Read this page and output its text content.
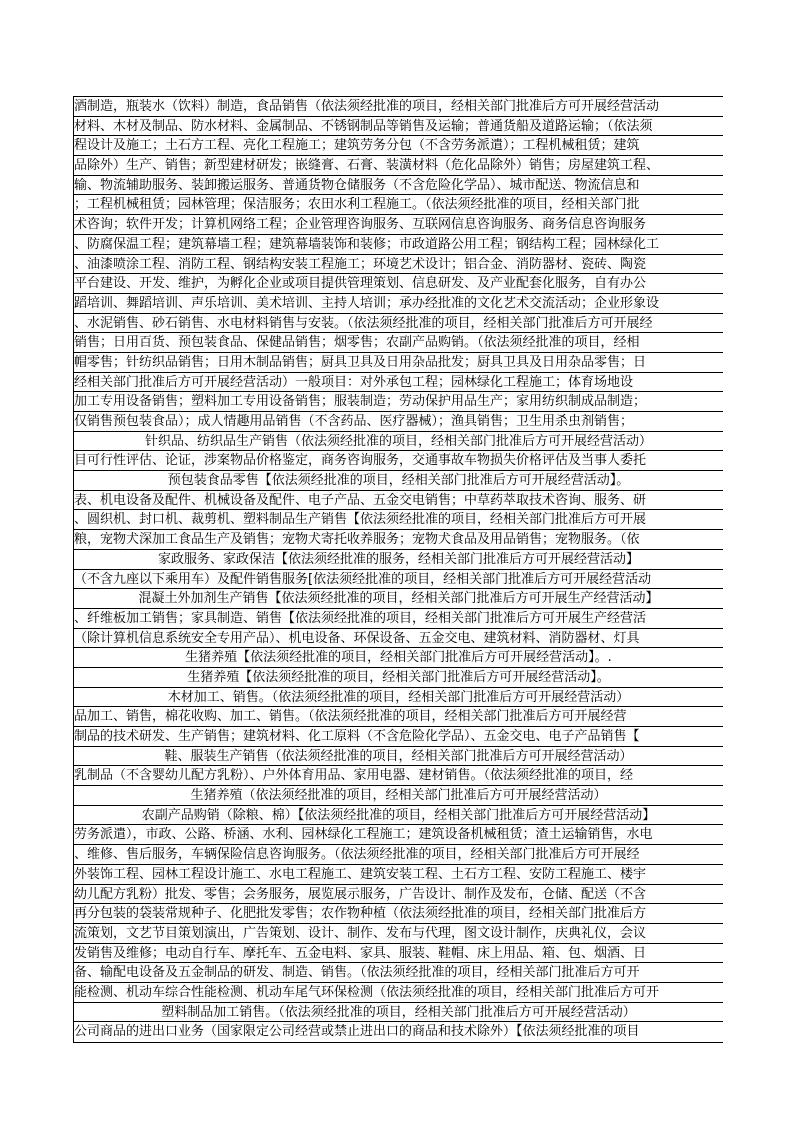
酒制造，瓶装水（饮料）制造，食品销售（依法须经批准的项目，经相关部门批准后方可开展经营活动
材料、木材及制品、防水材料、金属制品、不锈钢制品等销售及运输；普通货船及道路运输；（依法须
程设计及施工；土石方工程、亮化工程施工；建筑劳务分包（不含劳务派遣）；工程机械租赁；建筑
品除外）生产、销售；新型建材研发；嵌缝膏、石膏、装潢材料（危化品除外）销售；房屋建筑工程、
输、物流辅助服务、装卸搬运服务、普通货物仓储服务（不含危险化学品）、城市配送、物流信息和
；工程机械租赁；园林管理；保洁服务；农田水利工程施工。（依法须经批准的项目，经相关部门批
术咨询；软件开发；计算机网络工程；企业管理咨询服务、互联网信息咨询服务、商务信息咨询服务
、防腐保温工程；建筑幕墙工程；建筑幕墙装饰和装修；市政道路公用工程；钢结构工程；园林绿化工
、油漆喷涂工程、消防工程、钢结构安装工程施工；环境艺术设计；铝合金、消防器材、瓷砖、陶瓷
平台建设、开发、维护，为孵化企业或项目提供管理策划、信息研发、及产业配套化服务，自有办公
蹈培训、舞蹈培训、声乐培训、美术培训、主持人培训；承办经批准的文化艺术交流活动；企业形象设
、水泥销售、砂石销售、水电材料销售与安装。（依法须经批准的项目，经相关部门批准后方可开展经
销售；日用百货、预包装食品、保健品销售；烟零售；农副产品购销。（依法须经批准的项目，经相
帽零售；针纺织品销售；日用木制品销售；厨具卫具及日用杂品批发；厨具卫具及日用杂品零售；日
经相关部门批准后方可开展经营活动）一般项目：对外承包工程；园林绿化工程施工；体育场地设
加工专用设备销售；塑料加工专用设备销售；服装制造；劳动保护用品生产；家用纺织制成品制造；
仅销售预包装食品）；成人情趣用品销售（不含药品、医疗器械）；渔具销售；卫生用杀虫剂销售；
针织品、纺织品生产销售（依法须经批准的项目，经相关部门批准后方可开展经营活动）
目可行性评估、论证，涉案物品价格鉴定，商务咨询服务，交通事故车物损失价格评估及当事人委托
预包装食品零售【依法须经批准的项目，经相关部门批准后方可开展经营活动】。
表、机电设备及配件、机械设备及配件、电子产品、五金交电销售；中草药萃取技术咨询、服务、研
、圆织机、封口机、裁剪机、塑料制品生产销售【依法须经批准的项目，经相关部门批准后方可开展
粮，宠物犬深加工食品生产及销售；宠物犬寄托收养服务；宠物犬食品及用品销售；宠物服务。（依
家政服务、家政保洁【依法须经批准的服务，经相关部门批准后方可开展经营活动】
（不含九座以下乘用车）及配件销售服务[依法须经批准的项目，经相关部门批准后方可开展经营活动
混凝土外加剂生产销售【依法须经批准的项目，经相关部门批准后方可开展生产经营活动】
、纤维板加工销售；家具制造、销售【依法须经批准的项目，经相关部门批准后方可开展生产经营活
（除计算机信息系统安全专用产品）、机电设备、环保设备、五金交电、建筑材料、消防器材、灯具
生猪养殖【依法须经批准的项目，经相关部门批准后方可开展经营活动】。.
生猪养殖【依法须经批准的项目，经相关部门批准后方可开展经营活动】。
木材加工、销售。（依法须经批准的项目，经相关部门批准后方可开展经营活动）
品加工、销售，棉花收购、加工、销售。（依法须经批准的项目，经相关部门批准后方可开展经营
制品的技术研发、生产销售；建筑材料、化工原料（不含危险化学品）、五金交电、电子产品销售【
鞋、服装生产销售（依法须经批准的项目，经相关部门批准后方可开展经营活动）
乳制品（不含婴幼儿配方乳粉）、户外体育用品、家用电器、建材销售。（依法须经批准的项目，经
生猪养殖（依法须经批准的项目，经相关部门批准后方可开展经营活动）
农副产品购销（除粮、棉）【依法须经批准的项目，经相关部门批准后方可开展经营活动】
劳务派遣），市政、公路、桥涵、水利、园林绿化工程施工；建筑设备机械租赁；渣土运输销售，水电
、维修、售后服务，车辆保险信息咨询服务。（依法须经批准的项目，经相关部门批准后方可开展经
外装饰工程、园林工程设计施工、水电工程施工、建筑安装工程、土石方工程、安防工程施工、楼宇
幼儿配方乳粉）批发、零售；会务服务，展览展示服务，广告设计、制作及发布，仓储、配送（不含
再分包装的袋装常规种子、化肥批发零售；农作物种植（依法须经批准的项目，经相关部门批准后方
流策划，文艺节目策划演出，广告策划、设计、制作、发布与代理，图文设计制作，庆典礼仪，会议
发销售及维修；电动自行车、摩托车、五金电料、家具、服装、鞋帽、床上用品、箱、包、烟酒、日
备、输配电设备及五金制品的研发、制造、销售。（依法须经批准的项目，经相关部门批准后方可开
能检测、机动车综合性能检测、机动车尾气环保检测（依法须经批准的项目，经相关部门批准后方可开
塑料制品加工销售。（依法须经批准的项目，经相关部门批准后方可开展经营活动）
公司商品的进出口业务（国家限定公司经营或禁止进出口的商品和技术除外）【依法须经批准的项目
